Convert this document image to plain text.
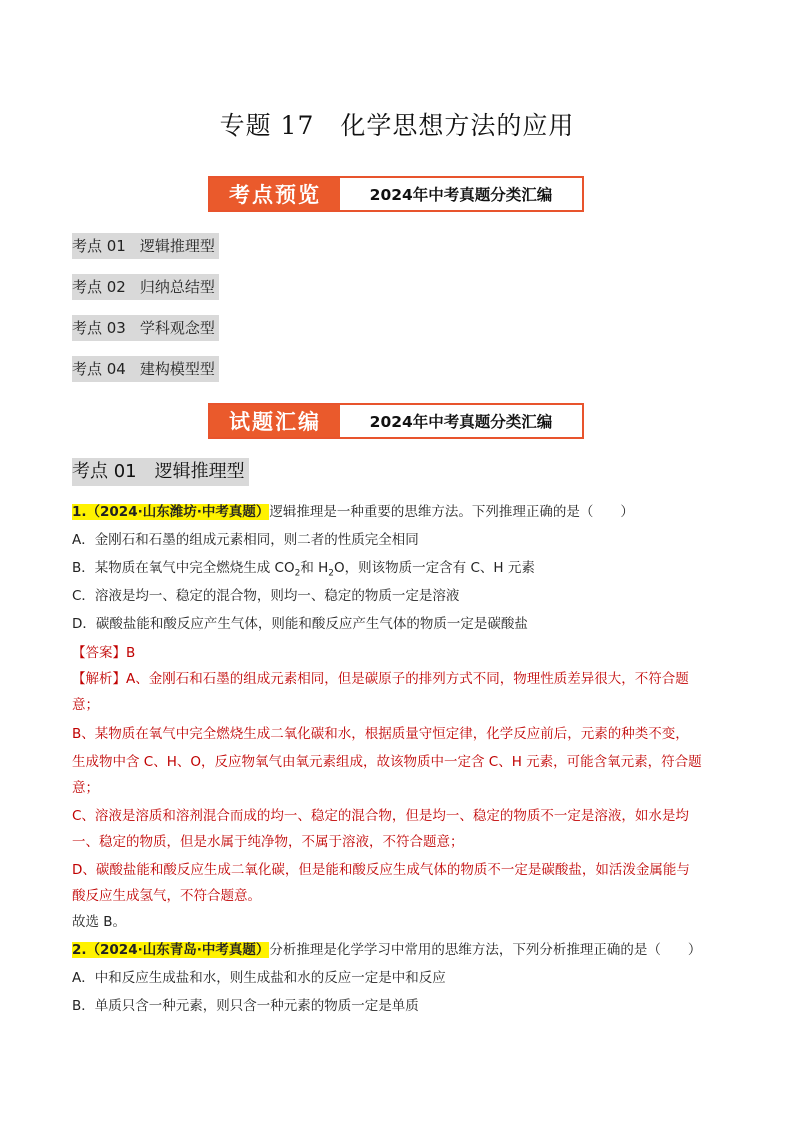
专题 17　化学思想方法的应用
考点预览	2024年中考真题分类汇编
考点 01 逻辑推理型
考点 02 归纳总结型
考点 03 学科观念型
考点 04 建构模型型
试题汇编	2024年中考真题分类汇编
考点 01 逻辑推理型
1.（2024·山东潍坊·中考真题）逻辑推理是一种重要的思维方法。下列推理正确的是（　　）
A．金刚石和石墨的组成元素相同，则二者的性质完全相同
B．某物质在氧气中完全燃烧生成 $CO_2$和 $H_2O$，则该物质一定含有 C、H 元素
C．溶液是均一、稳定的混合物，则均一、稳定的物质一定是溶液
D．碳酸盐能和酸反应产生气体，则能和酸反应产生气体的物质一定是碳酸盐
【答案】B
【解析】A、金刚石和石墨的组成元素相同，但是碳原子的排列方式不同，物理性质差异很大，不符合题
意；
B、某物质在氧气中完全燃烧生成二氧化碳和水，根据质量守恒定律，化学反应前后，元素的种类不变，
生成物中含 C、H、O，反应物氧气由氧元素组成，故该物质中一定含 C、H 元素，可能含氧元素，符合题
意；
C、溶液是溶质和溶剂混合而成的均一、稳定的混合物，但是均一、稳定的物质不一定是溶液，如水是均
一、稳定的物质，但是水属于纯净物，不属于溶液，不符合题意；
D、碳酸盐能和酸反应生成二氧化碳，但是能和酸反应生成气体的物质不一定是碳酸盐，如活泼金属能与
酸反应生成氢气，不符合题意。
故选 B。
2.（2024·山东青岛·中考真题）分析推理是化学学习中常用的思维方法，下列分析推理正确的是（　　）
A．中和反应生成盐和水，则生成盐和水的反应一定是中和反应
B．单质只含一种元素，则只含一种元素的物质一定是单质
